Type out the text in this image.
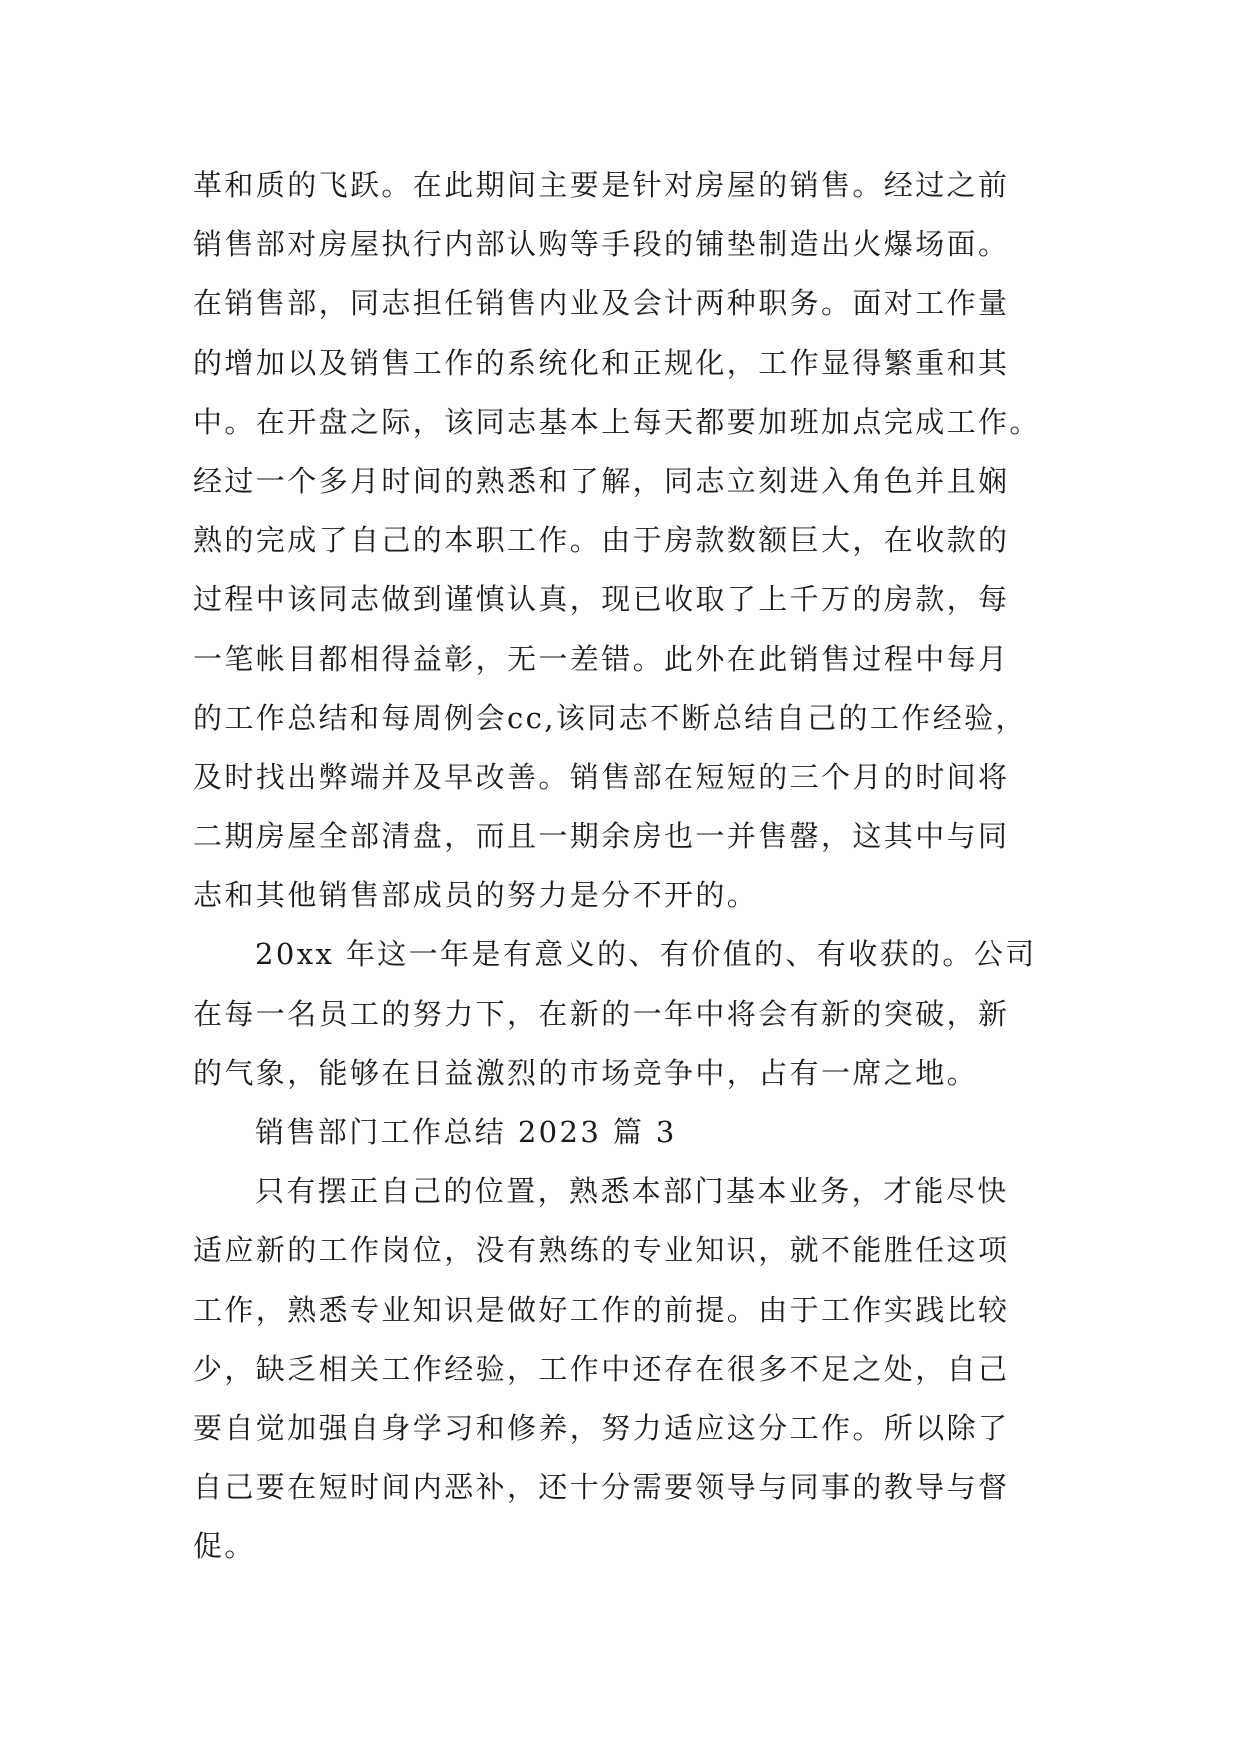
革和质的飞跃。在此期间主要是针对房屋的销售。经过之前
销售部对房屋执行内部认购等手段的铺垫制造出火爆场面。
在销售部，同志担任销售内业及会计两种职务。面对工作量
的增加以及销售工作的系统化和正规化，工作显得繁重和其
中。在开盘之际，该同志基本上每天都要加班加点完成工作。
经过一个多月时间的熟悉和了解，同志立刻进入角色并且娴
熟的完成了自己的本职工作。由于房款数额巨大，在收款的
过程中该同志做到谨慎认真，现已收取了上千万的房款，每
一笔帐目都相得益彰，无一差错。此外在此销售过程中每月
的工作总结和每周例会cc,该同志不断总结自己的工作经验，
及时找出弊端并及早改善。销售部在短短的三个月的时间将
二期房屋全部清盘，而且一期余房也一并售罄，这其中与同
志和其他销售部成员的努力是分不开的。
20xx 年这一年是有意义的、有价值的、有收获的。公司
在每一名员工的努力下，在新的一年中将会有新的突破，新
的气象，能够在日益激烈的市场竞争中，占有一席之地。
销售部门工作总结 2023 篇 3
只有摆正自己的位置，熟悉本部门基本业务，才能尽快
适应新的工作岗位，没有熟练的专业知识，就不能胜任这项
工作，熟悉专业知识是做好工作的前提。由于工作实践比较
少，缺乏相关工作经验，工作中还存在很多不足之处，自己
要自觉加强自身学习和修养，努力适应这分工作。所以除了
自己要在短时间内恶补，还十分需要领导与同事的教导与督
促。
